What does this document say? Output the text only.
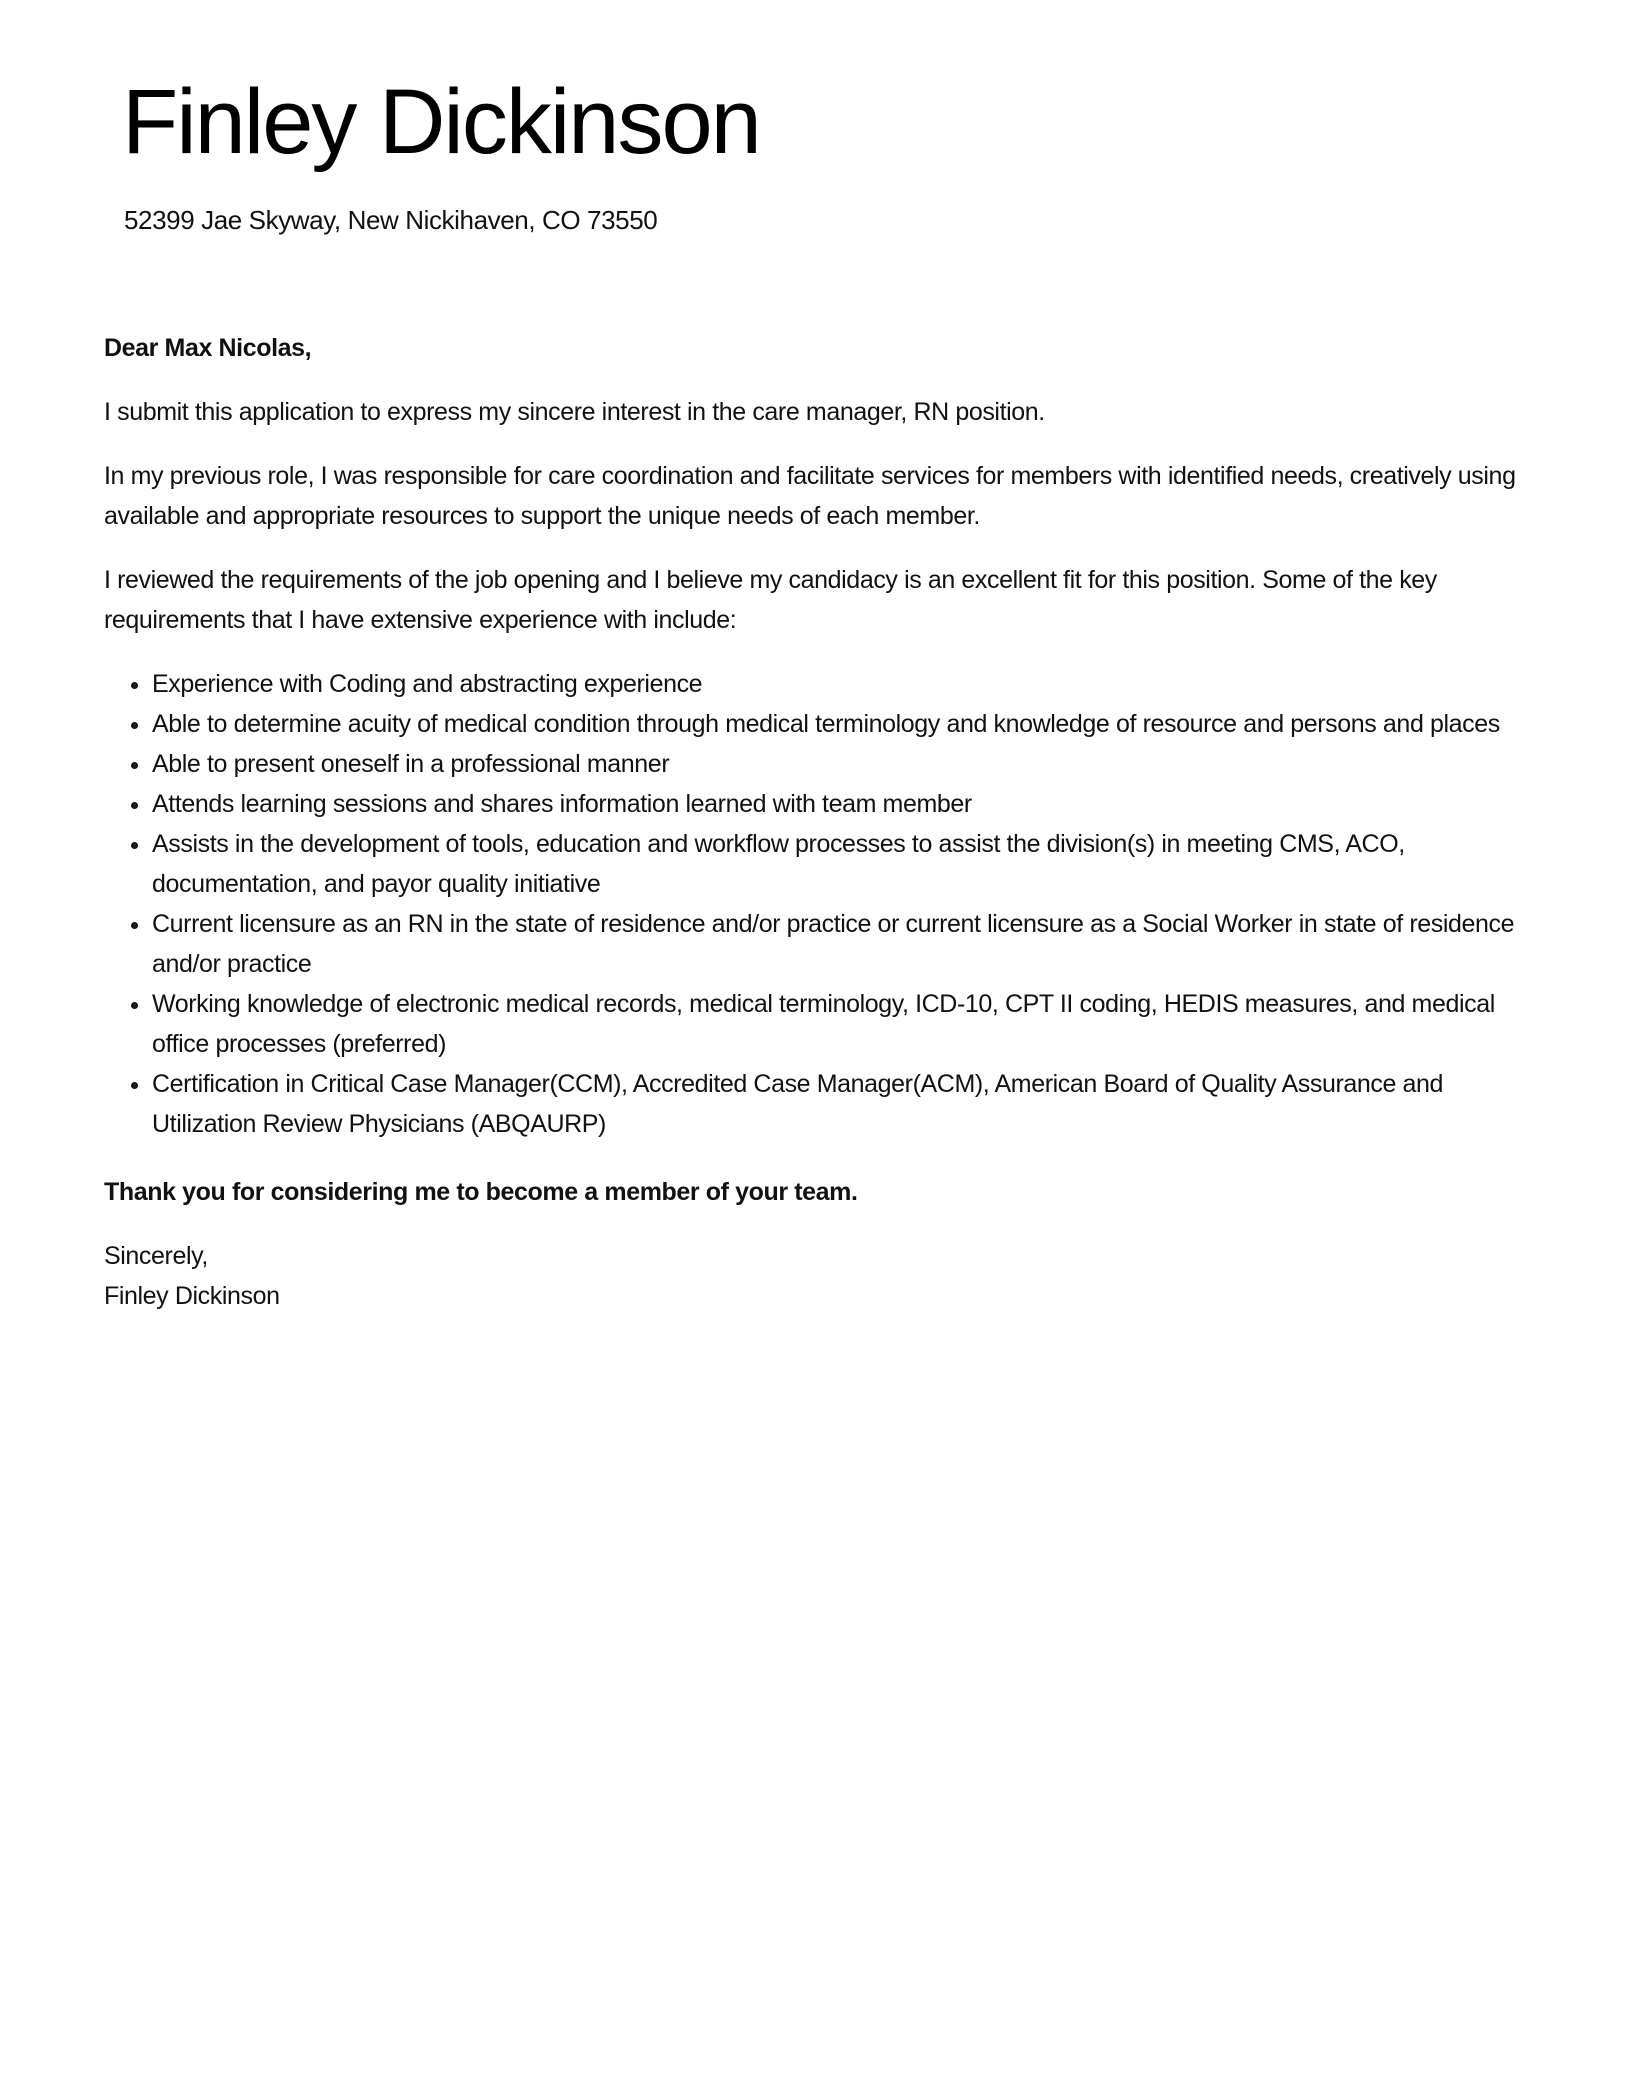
Finley Dickinson
52399 Jae Skyway, New Nickihaven, CO 73550

Dear Max Nicolas,

I submit this application to express my sincere interest in the care manager, RN position.

In my previous role, I was responsible for care coordination and facilitate services for members with identified needs, creatively using available and appropriate resources to support the unique needs of each member.

I reviewed the requirements of the job opening and I believe my candidacy is an excellent fit for this position. Some of the key requirements that I have extensive experience with include:

• Experience with Coding and abstracting experience
• Able to determine acuity of medical condition through medical terminology and knowledge of resource and persons and places
• Able to present oneself in a professional manner
• Attends learning sessions and shares information learned with team member
• Assists in the development of tools, education and workflow processes to assist the division(s) in meeting CMS, ACO, documentation, and payor quality initiative
• Current licensure as an RN in the state of residence and/or practice or current licensure as a Social Worker in state of residence and/or practice
• Working knowledge of electronic medical records, medical terminology, ICD-10, CPT II coding, HEDIS measures, and medical office processes (preferred)
• Certification in Critical Case Manager(CCM), Accredited Case Manager(ACM), American Board of Quality Assurance and Utilization Review Physicians (ABQAURP)

Thank you for considering me to become a member of your team.

Sincerely,
Finley Dickinson
